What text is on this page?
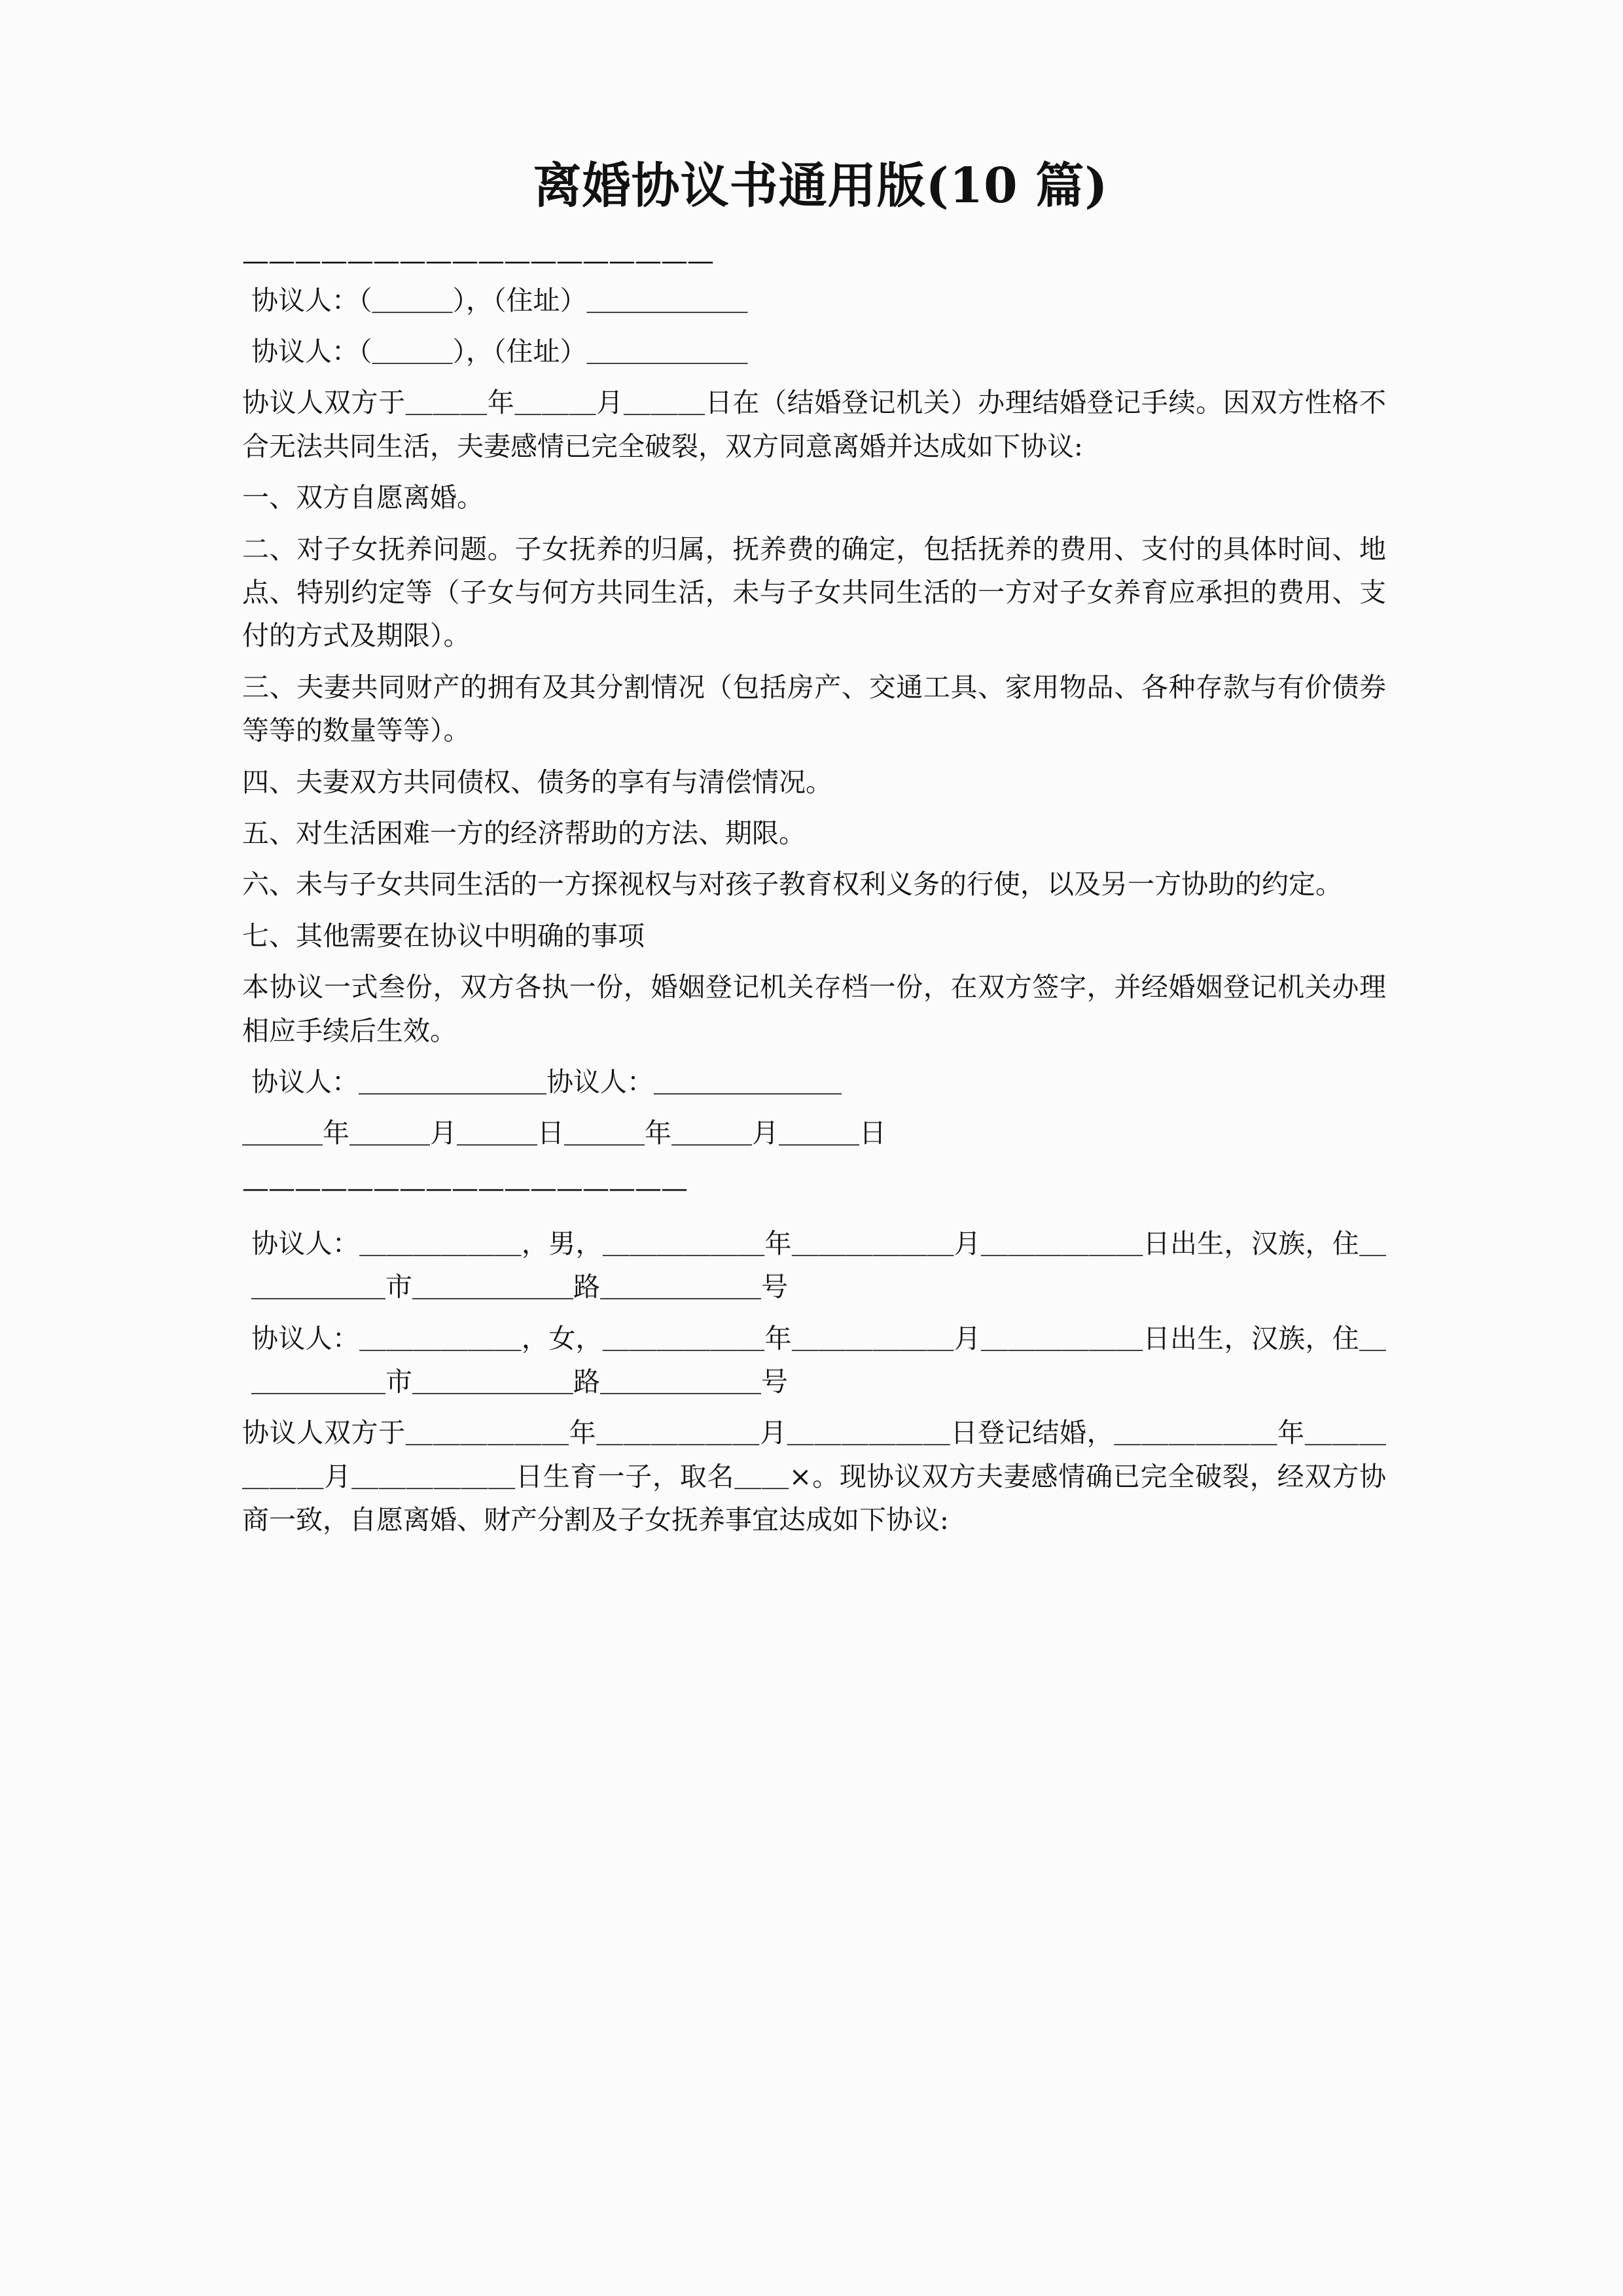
离婚协议书通用版(10 篇)
——————————————————

协议人：（＿＿＿），（住址）＿＿＿＿＿＿

协议人：（＿＿＿），（住址）＿＿＿＿＿＿

协议人双方于＿＿＿年＿＿＿月＿＿＿日在（结婚登记机关）办理结婚登记手续。因双方性格不合无法共同生活，夫妻感情已完全破裂，双方同意离婚并达成如下协议:

一、双方自愿离婚。

二、对子女抚养问题。子女抚养的归属，抚养费的确定，包括抚养的费用、支付的具体时间、地点、特别约定等（子女与何方共同生活，未与子女共同生活的一方对子女养育应承担的费用、支付的方式及期限）。

三、夫妻共同财产的拥有及其分割情况（包括房产、交通工具、家用物品、各种存款与有价债券等等的数量等等）。

四、夫妻双方共同债权、债务的享有与清偿情况。

五、对生活困难一方的经济帮助的方法、期限。

六、未与子女共同生活的一方探视权与对孩子教育权利义务的行使，以及另一方协助的约定。

七、其他需要在协议中明确的事项

本协议一式叁份，双方各执一份，婚姻登记机关存档一份，在双方签字，并经婚姻登记机关办理相应手续后生效。

协议人：＿＿＿＿＿＿＿协议人：＿＿＿＿＿＿＿

＿＿＿年＿＿＿月＿＿＿日＿＿＿年＿＿＿月＿＿＿日

—————————————————

协议人：＿＿＿＿＿＿，男，＿＿＿＿＿＿年＿＿＿＿＿＿月＿＿＿＿＿＿日出生，汉族，住＿＿＿＿＿＿市＿＿＿＿＿＿路＿＿＿＿＿＿号

协议人：＿＿＿＿＿＿，女，＿＿＿＿＿＿年＿＿＿＿＿＿月＿＿＿＿＿＿日出生，汉族，住＿＿＿＿＿＿市＿＿＿＿＿＿路＿＿＿＿＿＿号

协议人双方于＿＿＿＿＿＿年＿＿＿＿＿＿月＿＿＿＿＿＿日登记结婚，＿＿＿＿＿＿年＿＿＿＿＿＿月＿＿＿＿＿＿日生育一子，取名＿＿×。现协议双方夫妻感情确已完全破裂，经双方协商一致，自愿离婚、财产分割及子女抚养事宜达成如下协议:
